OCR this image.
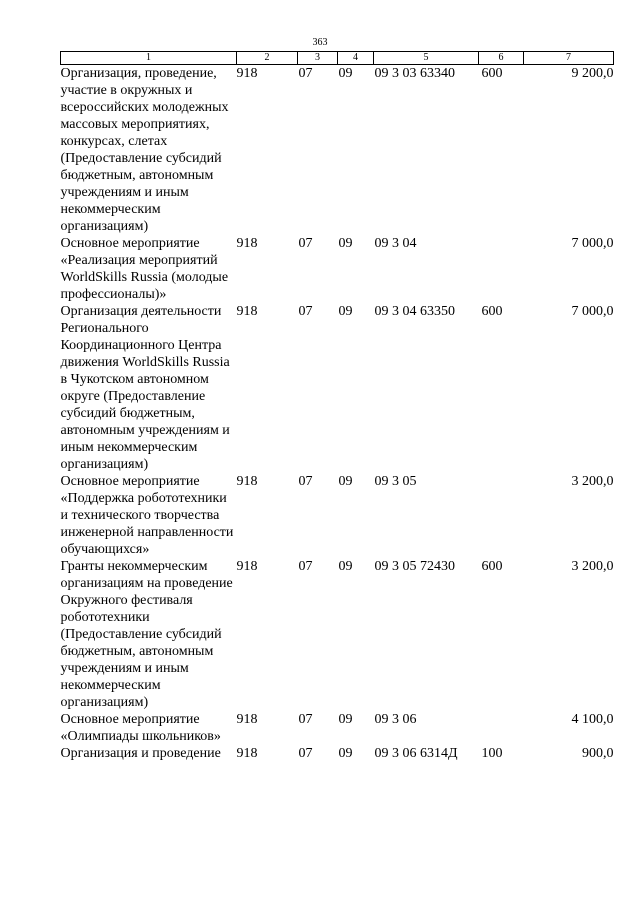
363
1	2	3	4	5	6	7
Организация, проведение, участие в окружных и всероссийских молодежных массовых мероприятиях, конкурсах, слетах (Предоставление субсидий бюджетным, автономным учреждениям и иным некоммерческим организациям)	918	07	09	09 3 03 63340	600	9 200,0
Основное мероприятие «Реализация мероприятий WorldSkills Russia (молодые профессионалы)»	918	07	09	09 3 04		7 000,0
Организация деятельности Регионального Координационного Центра движения WorldSkills Russia в Чукотском автономном округе (Предоставление субсидий бюджетным, автономным учреждениям и иным некоммерческим организациям)	918	07	09	09 3 04 63350	600	7 000,0
Основное мероприятие «Поддержка робототехники и технического творчества инженерной направленности обучающихся»	918	07	09	09 3 05		3 200,0
Гранты некоммерческим организациям на проведение Окружного фестиваля робототехники (Предоставление субсидий бюджетным, автономным учреждениям и иным некоммерческим организациям)	918	07	09	09 3 05 72430	600	3 200,0
Основное мероприятие «Олимпиады школьников»	918	07	09	09 3 06		4 100,0
Организация и проведение	918	07	09	09 3 06 6314Д	100	900,0
